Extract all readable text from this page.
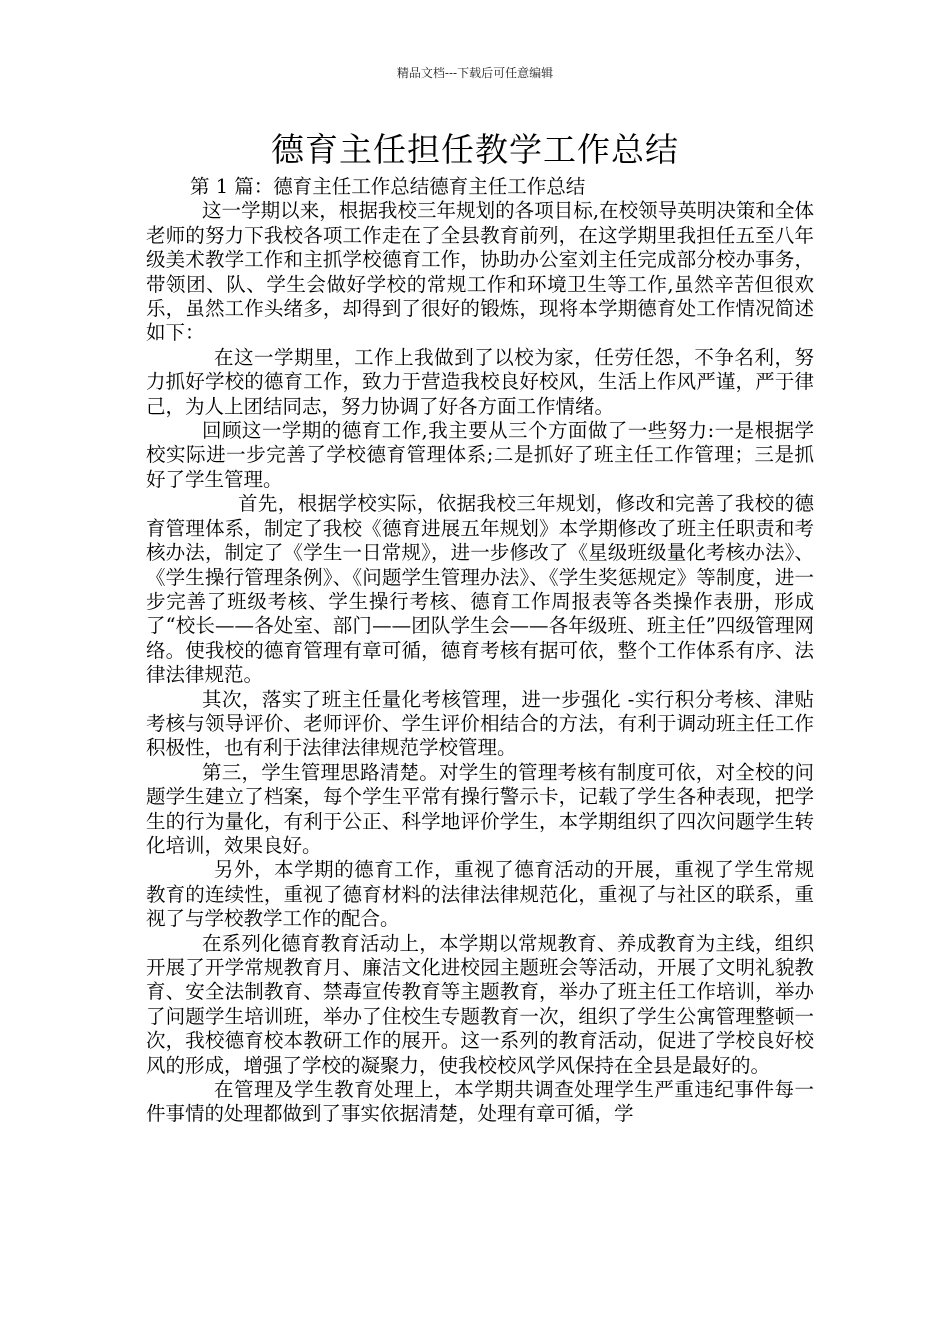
精品文档---下载后可任意编辑
德育主任担任教学工作总结

第 1 篇：德育主任工作总结德育主任工作总结

这一学期以来，根据我校三年规划的各项目标,在校领导英明决策和全体老师的努力下我校各项工作走在了全县教育前列，在这学期里我担任五至八年级美术教学工作和主抓学校德育工作，协助办公室刘主任完成部分校办事务，带领团、队、学生会做好学校的常规工作和环境卫生等工作,虽然辛苦但很欢乐，虽然工作头绪多，却得到了很好的锻炼，现将本学期德育处工作情况简述如下：

在这一学期里，工作上我做到了以校为家，任劳任怨，不争名利，努力抓好学校的德育工作，致力于营造我校良好校风，生活上作风严谨，严于律己，为人上团结同志，努力协调了好各方面工作情绪。

回顾这一学期的德育工作,我主要从三个方面做了一些努力:一是根据学校实际进一步完善了学校德育管理体系;二是抓好了班主任工作管理；三是抓好了学生管理。

首先，根据学校实际，依据我校三年规划，修改和完善了我校的德育管理体系，制定了我校《德育进展五年规划》本学期修改了班主任职责和考核办法，制定了《学生一日常规》，进一步修改了《星级班级量化考核办法》、《学生操行管理条例》、《问题学生管理办法》、《学生奖惩规定》等制度，进一步完善了班级考核、学生操行考核、德育工作周报表等各类操作表册，形成了“校长——各处室、部门——团队学生会——各年级班、班主任”四级管理网络。使我校的德育管理有章可循，德育考核有据可依，整个工作体系有序、法律法律规范。

其次，落实了班主任量化考核管理，进一步强化 -实行积分考核、津贴考核与领导评价、老师评价、学生评价相结合的方法，有利于调动班主任工作积极性，也有利于法律法律规范学校管理。

第三，学生管理思路清楚。对学生的管理考核有制度可依，对全校的问题学生建立了档案，每个学生平常有操行警示卡，记载了学生各种表现，把学生的行为量化，有利于公正、科学地评价学生，本学期组织了四次问题学生转化培训，效果良好。

另外，本学期的德育工作，重视了德育活动的开展，重视了学生常规教育的连续性，重视了德育材料的法律法律规范化，重视了与社区的联系，重视了与学校教学工作的配合。

在系列化德育教育活动上，本学期以常规教育、养成教育为主线，组织开展了开学常规教育月、廉洁文化进校园主题班会等活动，开展了文明礼貌教育、安全法制教育、禁毒宣传教育等主题教育，举办了班主任工作培训，举办了问题学生培训班，举办了住校生专题教育一次，组织了学生公寓管理整顿一次，我校德育校本教研工作的展开。这一系列的教育活动，促进了学校良好校风的形成，增强了学校的凝聚力，使我校校风学风保持在全县是最好的。

在管理及学生教育处理上，本学期共调查处理学生严重违纪事件每一件事情的处理都做到了事实依据清楚，处理有章可循，学
